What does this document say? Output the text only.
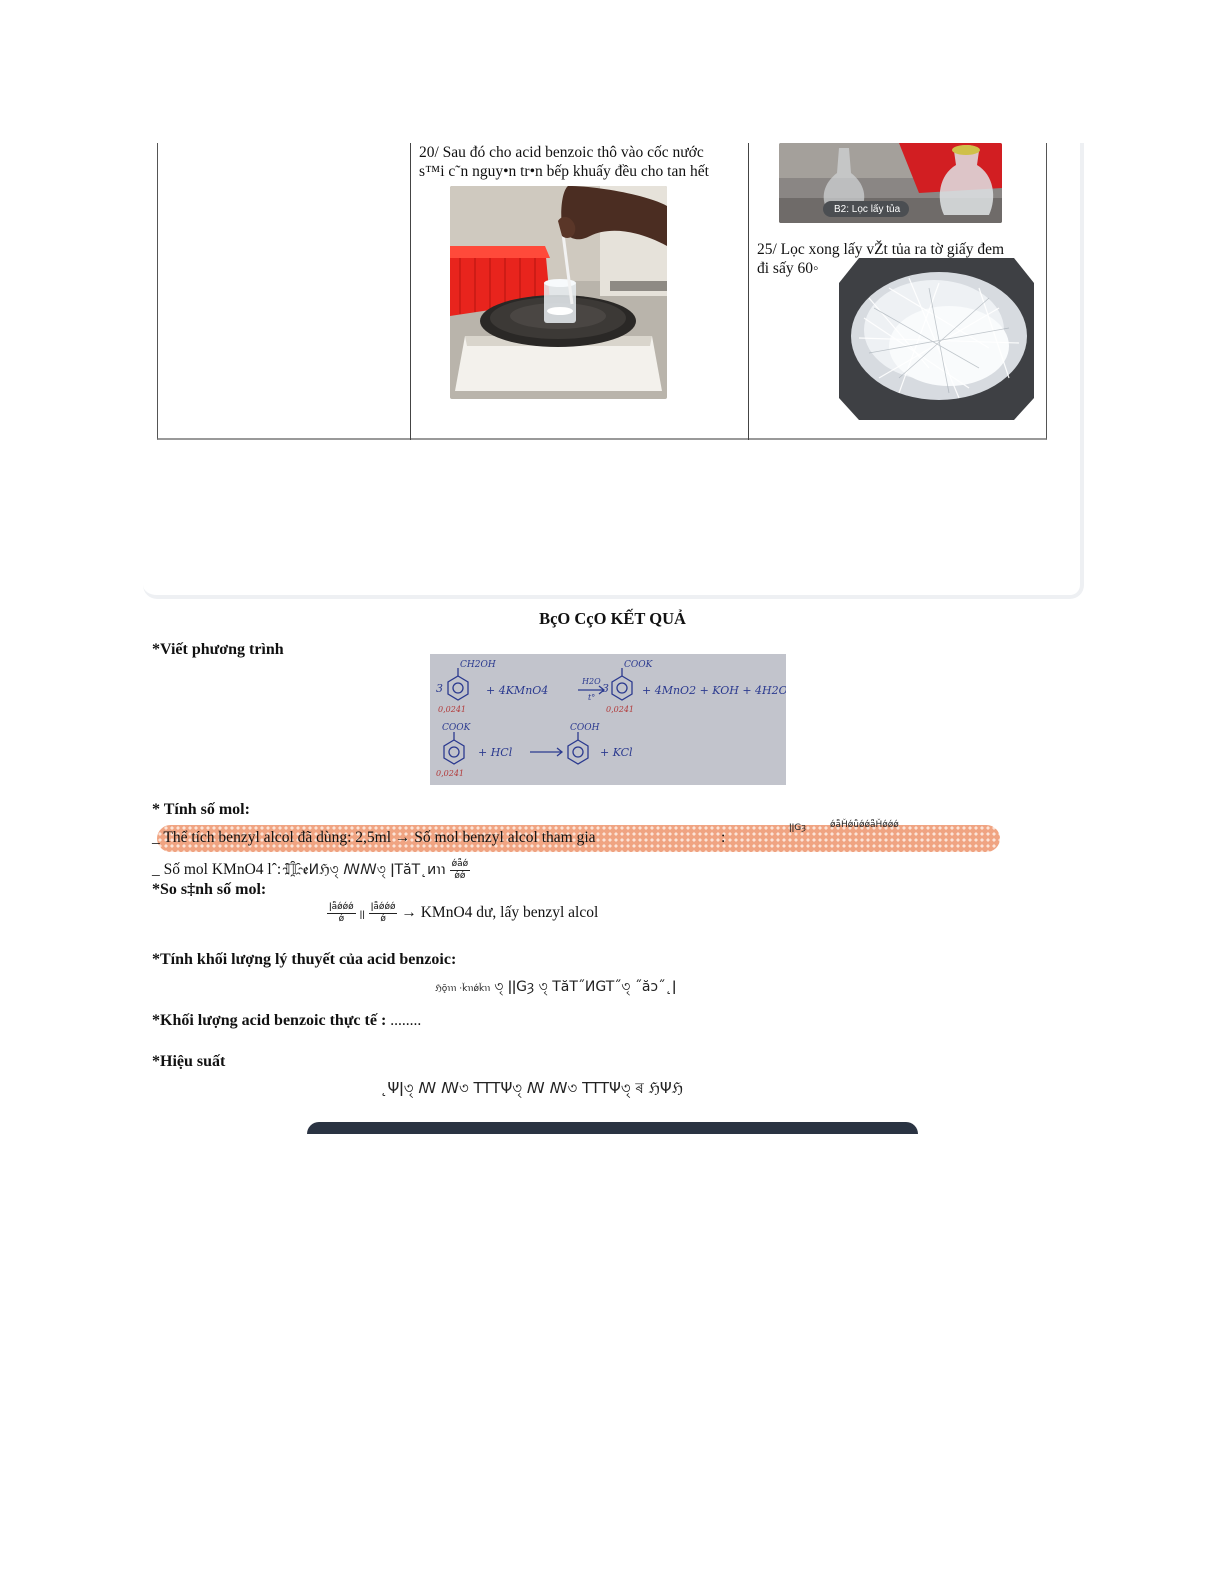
20/ Sau đó cho acid benzoic thô vào cốc nước
s™i c˜n nguy•n tr•n bếp khuấy đều cho tan hết
B2: Lọc lấy tủa
25/ Lọc xong lấy vŽt tủa ra tờ giấy đem
đi sấy 60◦
BçO CçO KẾT QUẢ
*Viết phương trình
CH2OH
3	+ 4KMnO4
H2O
t°
3
COOK
+ 4MnO2 + KOH + 4H2O
COOK
+ HCl
COOH
+ KCl
0,0241	0,0241
0,0241
* Tính số mol:
_ Thể tích benzyl alcol đã dùng: 2,5ml → Số mol benzyl alcol tham gia	:
ǀǀGȝ	ǿǟȞǿǚǿǿǟȞǿǿǿ
_ Số mol KMnO4 lˆ: ℿ҈ꬲИℌ৩ৃ ꟿꟿ৩ৃ ǀTăT˛и℩℩ $\frac{\text{ǿǟǿ}}{ǿǿ}$
*So s‡nh số mol:
$\frac{\text{ǀǟǿǿǿ}}{ǿ}$ ǀǀ $\frac{\text{ǀǟǿǿǿ}}{ǿ}$ → KMnO4 dư, lấy benzyl alcol
*Tính khối lượng lý thuyết của acid benzoic:
ℌǭ℩℩℩ ·ǩ℩℩ǿǩ℩℩ ৩ৃ ǀǀGȝ ৩ৃ TăT˝ИGT˝৩ৃ ˝ăɔ˝˛ǀ
*Khối lượng acid benzoic thực tế : ........
*Hiệu suất
˛Ψǀ৩ৃ ꟿ ꟿ৩ TTTΨ৩ৃ ꟿ ꟿ৩ TTTΨ৩ৃ ৰ ℌΨℌ
